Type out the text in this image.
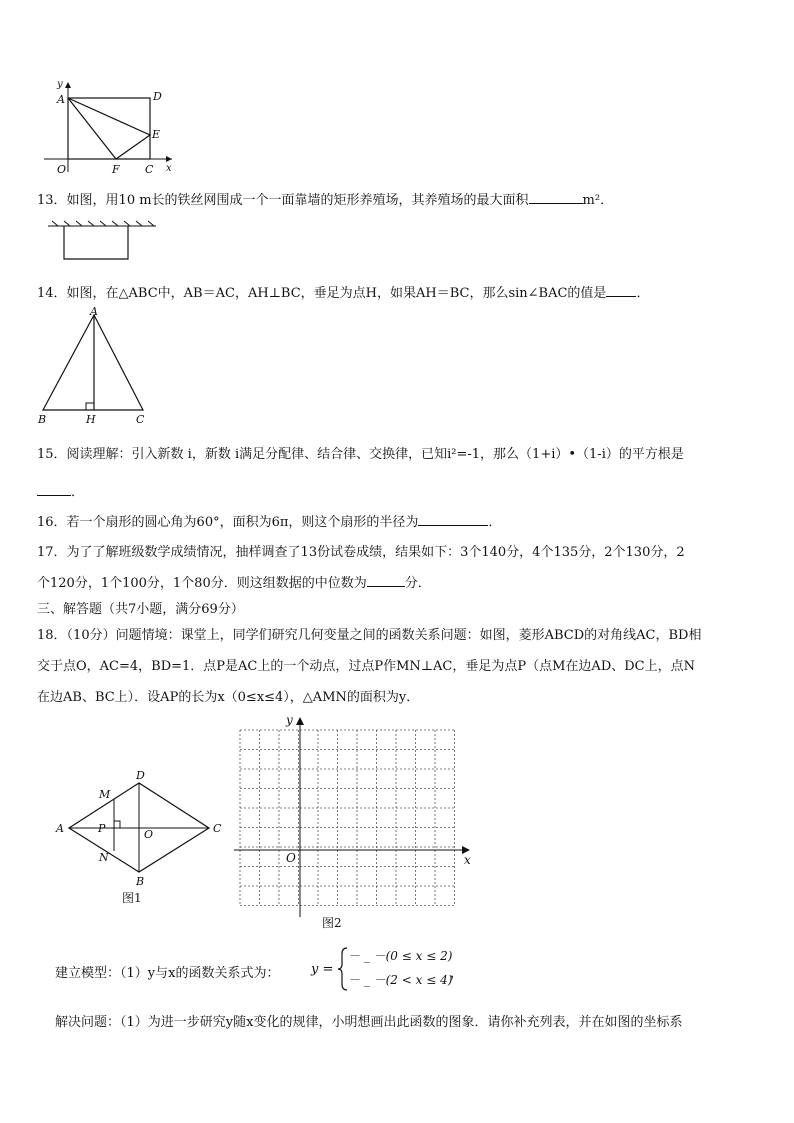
y
A	D
E
O	F C x
13．如图，用10 m长的铁丝网围成一个一面靠墙的矩形养殖场，其养殖场的最大面积	m²．
14．如图，在△ABC中，AB＝AC，AH⊥BC，垂足为点H，如果AH＝BC，那么sin∠BAC的值是 ．
A
B	H	C
15．阅读理解：引入新数 i，新数 i满足分配律、结合律、交换律，已知i²=-1，那么（1+i）•（1-i）的平方根是
．
16．若一个扇形的圆心角为60°，面积为6π，则这个扇形的半径为	．
17．为了了解班级数学成绩情况，抽样调查了13份试卷成绩，结果如下：3个140分，4个135分，2个130分，2
个120分，1个100分，1个80分．则这组数据的中位数为	分．
三、解答题（共7小题，满分69分）
18．（10分）问题情境：课堂上，同学们研究几何变量之间的函数关系问题：如图，菱形ABCD的对角线AC，BD相
交于点O，AC=4，BD=1．点P是AC上的一个动点，过点P作MN⊥AC，垂足为点P（点M在边AD、DC上，点N
在边AB、BC上）．设AP的长为x（0≤x≤4），△AMN的面积为y．
D
M
A	P	O	C
N
B
图1
y
O	x
图2
建立模型：（1）y与x的函数关系式为： y =
－ _ －(0 ≤ x ≤ 2)
－ _ －(2 < x ≤ 4)
，
解决问题：（1）为进一步研究y随x变化的规律，小明想画出此函数的图象．请你补充列表，并在如图的坐标系
